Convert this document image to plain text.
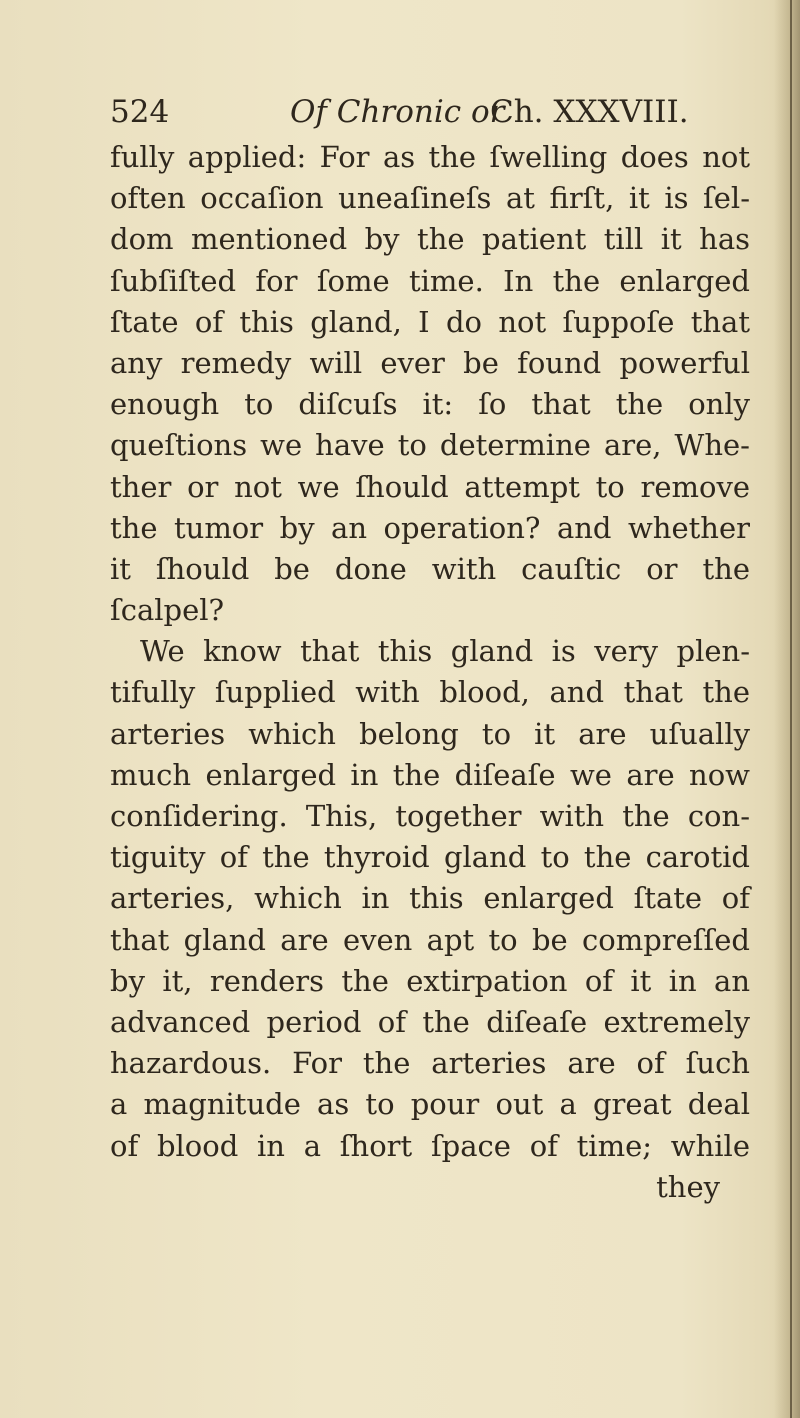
524	Of Chronic or
Ch. XXXVIII.
fully applied: For as the ſwelling does not
often occaſion uneaſineſs at firſt, it is ſel-
dom mentioned by the patient till it has
ſubſiſted for ſome time. In the enlarged
ſtate of this gland, I do not ſuppoſe that
any remedy will ever be found powerful
enough to diſcuſs it: ſo that the only
queſtions we have to determine are, Whe-
ther or not we ſhould attempt to remove
the tumor by an operation? and whether
it ſhould be done with cauſtic or the
ſcalpel?
We know that this gland is very plen-
tifully ſupplied with blood, and that the
arteries which belong to it are uſually
much enlarged in the diſeaſe we are now
conſidering. This, together with the con-
tiguity of the thyroid gland to the carotid
arteries, which in this enlarged ſtate of
that gland are even apt to be compreſſed
by it, renders the extirpation of it in an
advanced period of the diſeaſe extremely
hazardous. For the arteries are of ſuch
a magnitude as to pour out a great deal
of blood in a ſhort ſpace of time; while
they
